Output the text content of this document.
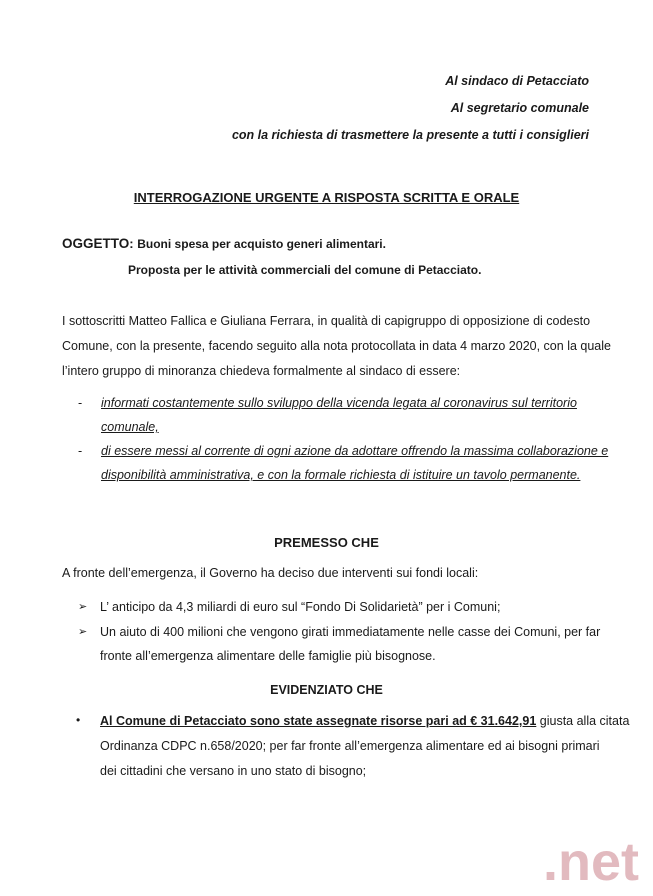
Al sindaco di Petacciato
Al segretario comunale
con la richiesta di trasmettere la presente a tutti i consiglieri
INTERROGAZIONE URGENTE A RISPOSTA SCRITTA E ORALE
OGGETTO: Buoni spesa per acquisto generi alimentari.
Proposta per le attività commerciali del comune di Petacciato.
I sottoscritti Matteo Fallica e Giuliana Ferrara, in qualità di capigruppo di opposizione di codesto
Comune, con la presente, facendo seguito alla nota protocollata in data 4 marzo 2020, con la quale
l’intero gruppo di minoranza chiedeva formalmente al sindaco di essere:
- informati costantemente sullo sviluppo della vicenda legata al coronavirus sul territorio
comunale,
- di essere messi al corrente di ogni azione da adottare offrendo la massima collaborazione e
disponibilità amministrativa, e con la formale richiesta di istituire un tavolo permanente.
PREMESSO CHE
A fronte dell’emergenza, il Governo ha deciso due interventi sui fondi locali:
➢ L’ anticipo da 4,3 miliardi di euro sul “Fondo Di Solidarietà” per i Comuni;
➢ Un aiuto di 400 milioni che vengono girati immediatamente nelle casse dei Comuni, per far
fronte all’emergenza alimentare delle famiglie più bisognose.
EVIDENZIATO CHE
• Al Comune di Petacciato sono state assegnate risorse pari ad € 31.642,91 giusta alla citata
Ordinanza CDPC n.658/2020; per far fronte all’emergenza alimentare ed ai bisogni primari
dei cittadini che versano in uno stato di bisogno;
.net
